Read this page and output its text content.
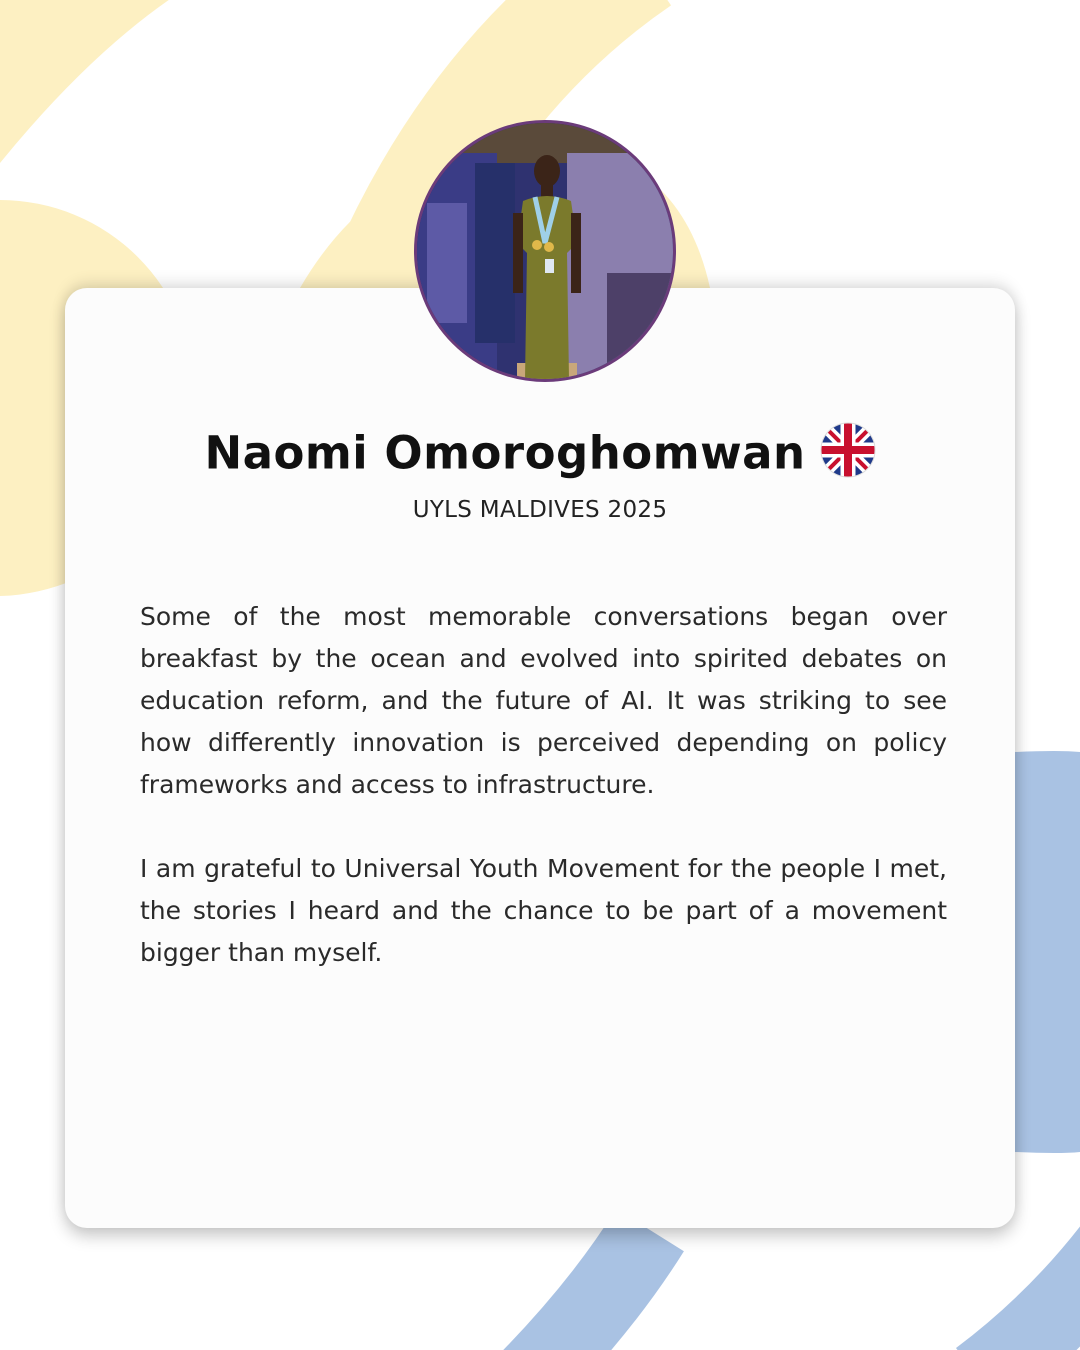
Naomi Omoroghomwan
UYLS MALDIVES 2025

Some of the most memorable conversations began over breakfast by the ocean and evolved into spirited debates on education reform, and the future of AI. It was striking to see how differently innovation is perceived depending on policy frameworks and access to infrastructure.

I am grateful to Universal Youth Movement for the people I met, the stories I heard and the chance to be part of a movement bigger than myself.
